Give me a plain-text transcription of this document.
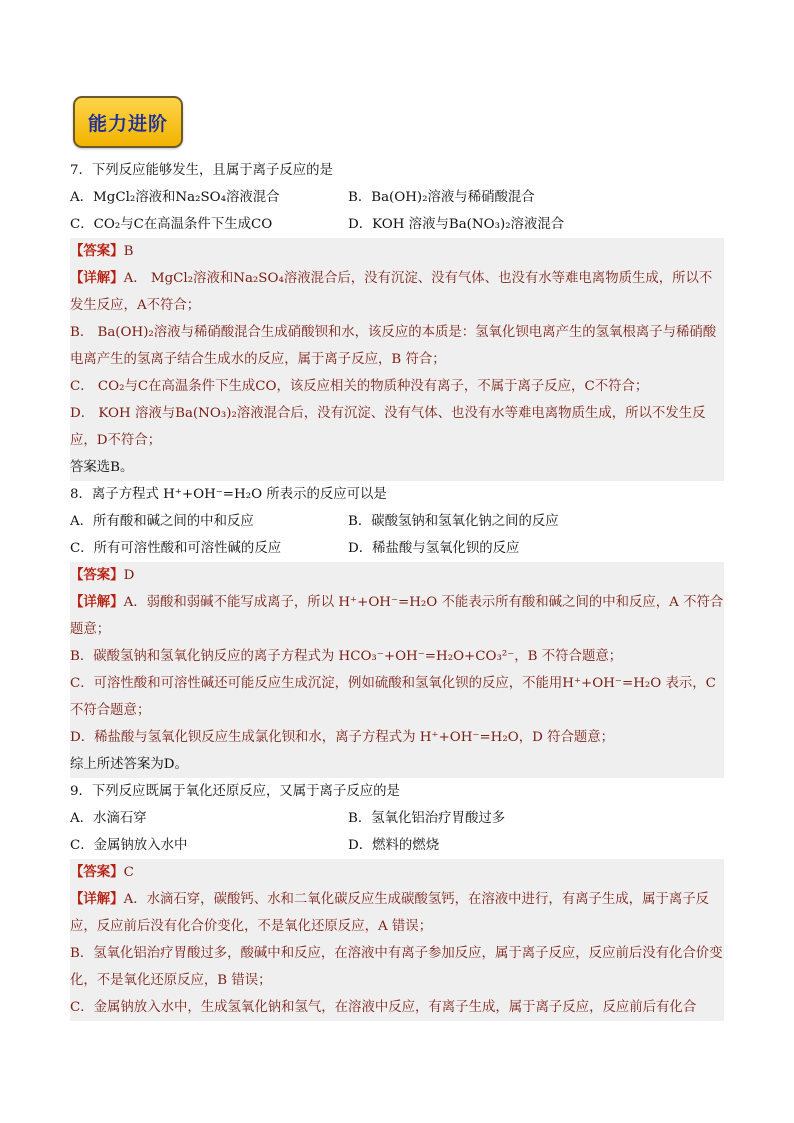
能力进阶
7．下列反应能够发生，且属于离子反应的是
A．MgCl₂溶液和Na₂SO₄溶液混合	B．Ba(OH)₂溶液与稀硝酸混合
C．CO₂与C在高温条件下生成CO	D．KOH 溶液与Ba(NO₃)₂溶液混合
【答案】B
【详解】A． MgCl₂溶液和Na₂SO₄溶液混合后，没有沉淀、没有气体、也没有水等难电离物质生成，所以不发生反应，A不符合；
B． Ba(OH)₂溶液与稀硝酸混合生成硝酸钡和水，该反应的本质是：氢氧化钡电离产生的氢氧根离子与稀硝酸电离产生的氢离子结合生成水的反应，属于离子反应，B 符合；
C． CO₂与C在高温条件下生成CO，该反应相关的物质种没有离子，不属于离子反应，C不符合；
D． KOH 溶液与Ba(NO₃)₂溶液混合后，没有沉淀、没有气体、也没有水等难电离物质生成，所以不发生反应，D不符合；
答案选B。
8．离子方程式 H⁺+OH⁻=H₂O 所表示的反应可以是
A．所有酸和碱之间的中和反应	B．碳酸氢钠和氢氧化钠之间的反应
C．所有可溶性酸和可溶性碱的反应	D．稀盐酸与氢氧化钡的反应
【答案】D
【详解】A．弱酸和弱碱不能写成离子，所以 H⁺+OH⁻=H₂O 不能表示所有酸和碱之间的中和反应，A 不符合题意；
B．碳酸氢钠和氢氧化钠反应的离子方程式为 HCO₃⁻+OH⁻=H₂O+CO₃²⁻，B 不符合题意；
C．可溶性酸和可溶性碱还可能反应生成沉淀，例如硫酸和氢氧化钡的反应，不能用H⁺+OH⁻=H₂O 表示，C 不符合题意；
D．稀盐酸与氢氧化钡反应生成氯化钡和水，离子方程式为 H⁺+OH⁻=H₂O，D 符合题意；
综上所述答案为D。
9．下列反应既属于氧化还原反应，又属于离子反应的是
A．水滴石穿	B．氢氧化铝治疗胃酸过多
C．金属钠放入水中	D．燃料的燃烧
【答案】C
【详解】A．水滴石穿，碳酸钙、水和二氧化碳反应生成碳酸氢钙，在溶液中进行，有离子生成，属于离子反应，反应前后没有化合价变化，不是氧化还原反应，A 错误；
B．氢氧化铝治疗胃酸过多，酸碱中和反应，在溶液中有离子参加反应，属于离子反应，反应前后没有化合价变化，不是氧化还原反应，B 错误；
C．金属钠放入水中，生成氢氧化钠和氢气，在溶液中反应，有离子生成，属于离子反应，反应前后有化合
